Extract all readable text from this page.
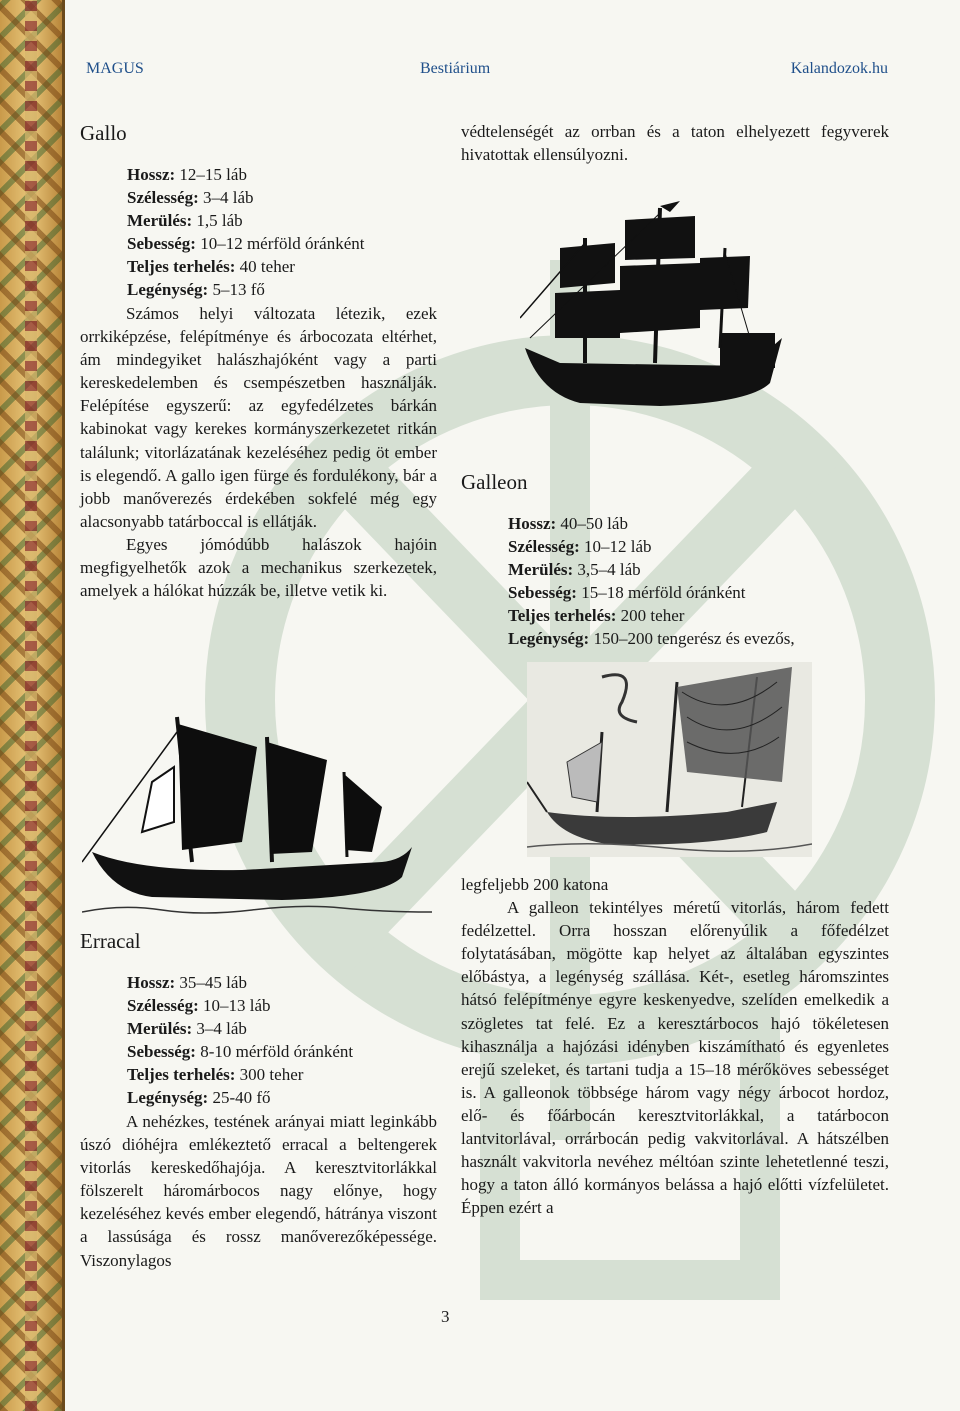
MAGUS	Bestiárium	Kalandozok.hu
Gallo

Hossz: 12–15 láb

Szélesség: 3–4 láb

Merülés: 1,5 láb

Sebesség: 10–12 mérföld óránként

Teljes terhelés: 40 teher

Legénység: 5–13 fő

Számos helyi változata létezik, ezek orrkiképzése, felépítménye és árbocozata eltérhet, ám mindegyiket halászhajóként vagy a parti kereskedelemben és csempészetben használják. Felépítése egyszerű: az egyfedélzetes bárkán kabinokat vagy kerekes kormányszerkezetet ritkán találunk; vitorlázatának kezeléséhez pedig öt ember is elegendő. A gallo igen fürge és fordulékony, bár a jobb manőverezés érdekében sokfelé még egy alacsonyabb tatárboccal is ellátják.

Egyes jómódúbb halászok hajóin megfigyelhetők azok a mechanikus szerkezetek, amelyek a hálókat húzzák be, illetve vetik ki.

Erracal

Hossz: 35–45 láb

Szélesség: 10–13 láb

Merülés: 3–4 láb

Sebesség: 8-10 mérföld óránként

Teljes terhelés: 300 teher

Legénység: 25-40 fő

A nehézkes, testének arányai miatt leginkább úszó dióhéjra emlékeztető erracal a beltengerek vitorlás kereskedőhajója. A keresztvitorlákkal fölszerelt háromárbocos nagy előnye, hogy kezeléséhez kevés ember elegendő, hátránya viszont a lassúsága és rossz manőverezőképessége. Viszonylagos

védtelenségét az orrban és a taton elhelyezett fegyverek hivatottak ellensúlyozni.

Galleon

Hossz: 40–50 láb

Szélesség: 10–12 láb

Merülés: 3,5–4 láb

Sebesség: 15–18 mérföld óránként

Teljes terhelés: 200 teher

Legénység: 150–200 tengerész és evezős,

legfeljebb 200 katona

A galleon tekintélyes méretű vitorlás, három fedett fedélzettel. Orra hosszan előrenyúlik a főfedélzet folytatásában, mögötte kap helyet az általában egyszintes előbástya, a legénység szállása. Két-, esetleg háromszintes hátsó felépítménye egyre keskenyedve, szelíden emelkedik a szögletes tat felé. Ez a keresztárbocos hajó tökéletesen kihasználja a hajózási idényben kiszámítható és egyenletes erejű szeleket, és tartani tudja a 15–18 mérőköves sebességet is. A galleonok többsége három vagy négy árbocot hordoz, elő- és főárbocán keresztvitorlákkal, a tatárbocon lantvitorlával, orrárbocán pedig vakvitorlával. A hátszélben használt vakvitorla nevéhez méltóan szinte lehetetlenné teszi, hogy a taton álló kormányos belássa a hajó előtti vízfelületet. Éppen ezért a

3
